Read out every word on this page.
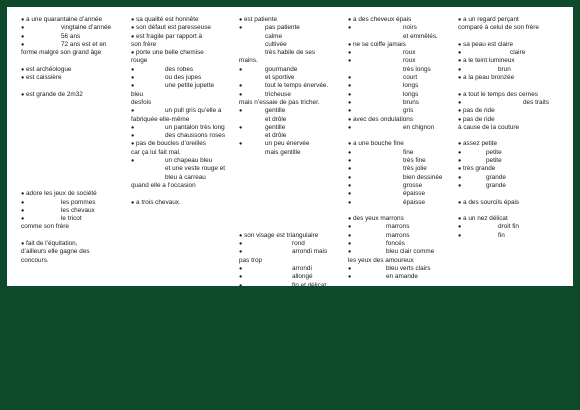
● a une quarantaine d’année
●	vingtaine d’année
●	56 ans
●	72 ans est et en
forme malgré son grand âge
● est archéologue
● est caissière
● est grande de 2m32
● adore les jeux de société
●	les pommes
●	les chevaux
●	le tricot
comme son frère
● fait de l’équitation,
d’ailleurs elle gagne des
concours.
● sa qualité est honnête
● son défaut est paresseuse
● est fragile par rapport à
son frère
● porte une belle chemise
rouge
●	des robes
●	ou des jupes
●	une petite jupette
bleu
desfois
●	un pull gris qu’elle a
fabriquée elle-même
●	un pantalon très long
●	des chaussons roses
● pas de boucles d’oreilles
car ça lui fait mal.
●	un chapeau bleu
et une veste rouge et
bleu à carreau
quand elle a l’occasion
● a trois chevaux.
● est patiente
●	pas patiente
calme
cultivée
très habile de ses
mains.
●	gourmande
et sportive
●	tout le temps énervée.
●	tricheuse
mais n’essaie de pas tricher.
●	gentille
et drôle
●	gentille
et drôle
●	un peu énervée
mais gentille
● son visage est triangulaire
●	rond
●	arrondi mais
pas trop
●	arrondi
●	allongé
●	fin et délicat
● a des cheveux épais
●	noirs
et emmêlés.
● ne se coiffe jamais
●	roux
●	roux
très longs
●	court
●	longs
●	longs
●	bruns
●	gris
● avec des ondulations
●	en chignon
● a une bouche fine
●	fine
●	très fine
●	très jolie
●	bien dessinée
●	grosse
●	épaisse
●	épaisse
● des yeux marrons
●	marrons
●	marrons
●	foncés
●	bleu clair comme
les yeux des amoureux
●	bleu verts clairs
●	en amande
● a un regard perçant
comparé à celui de son frère
● sa peau est claire
●	claire
● a le teint lumineux
●	brun
● a la peau bronzée
● a tout le temps des cernes
●	des traits
● pas de ride
● pas de ride
à cause de la couture
● assez petite
●	petite
●	petite
● très grande
●	grande
●	grande
● a des sourcils épais
● a un nez délicat
●	droit fin
●	fin
